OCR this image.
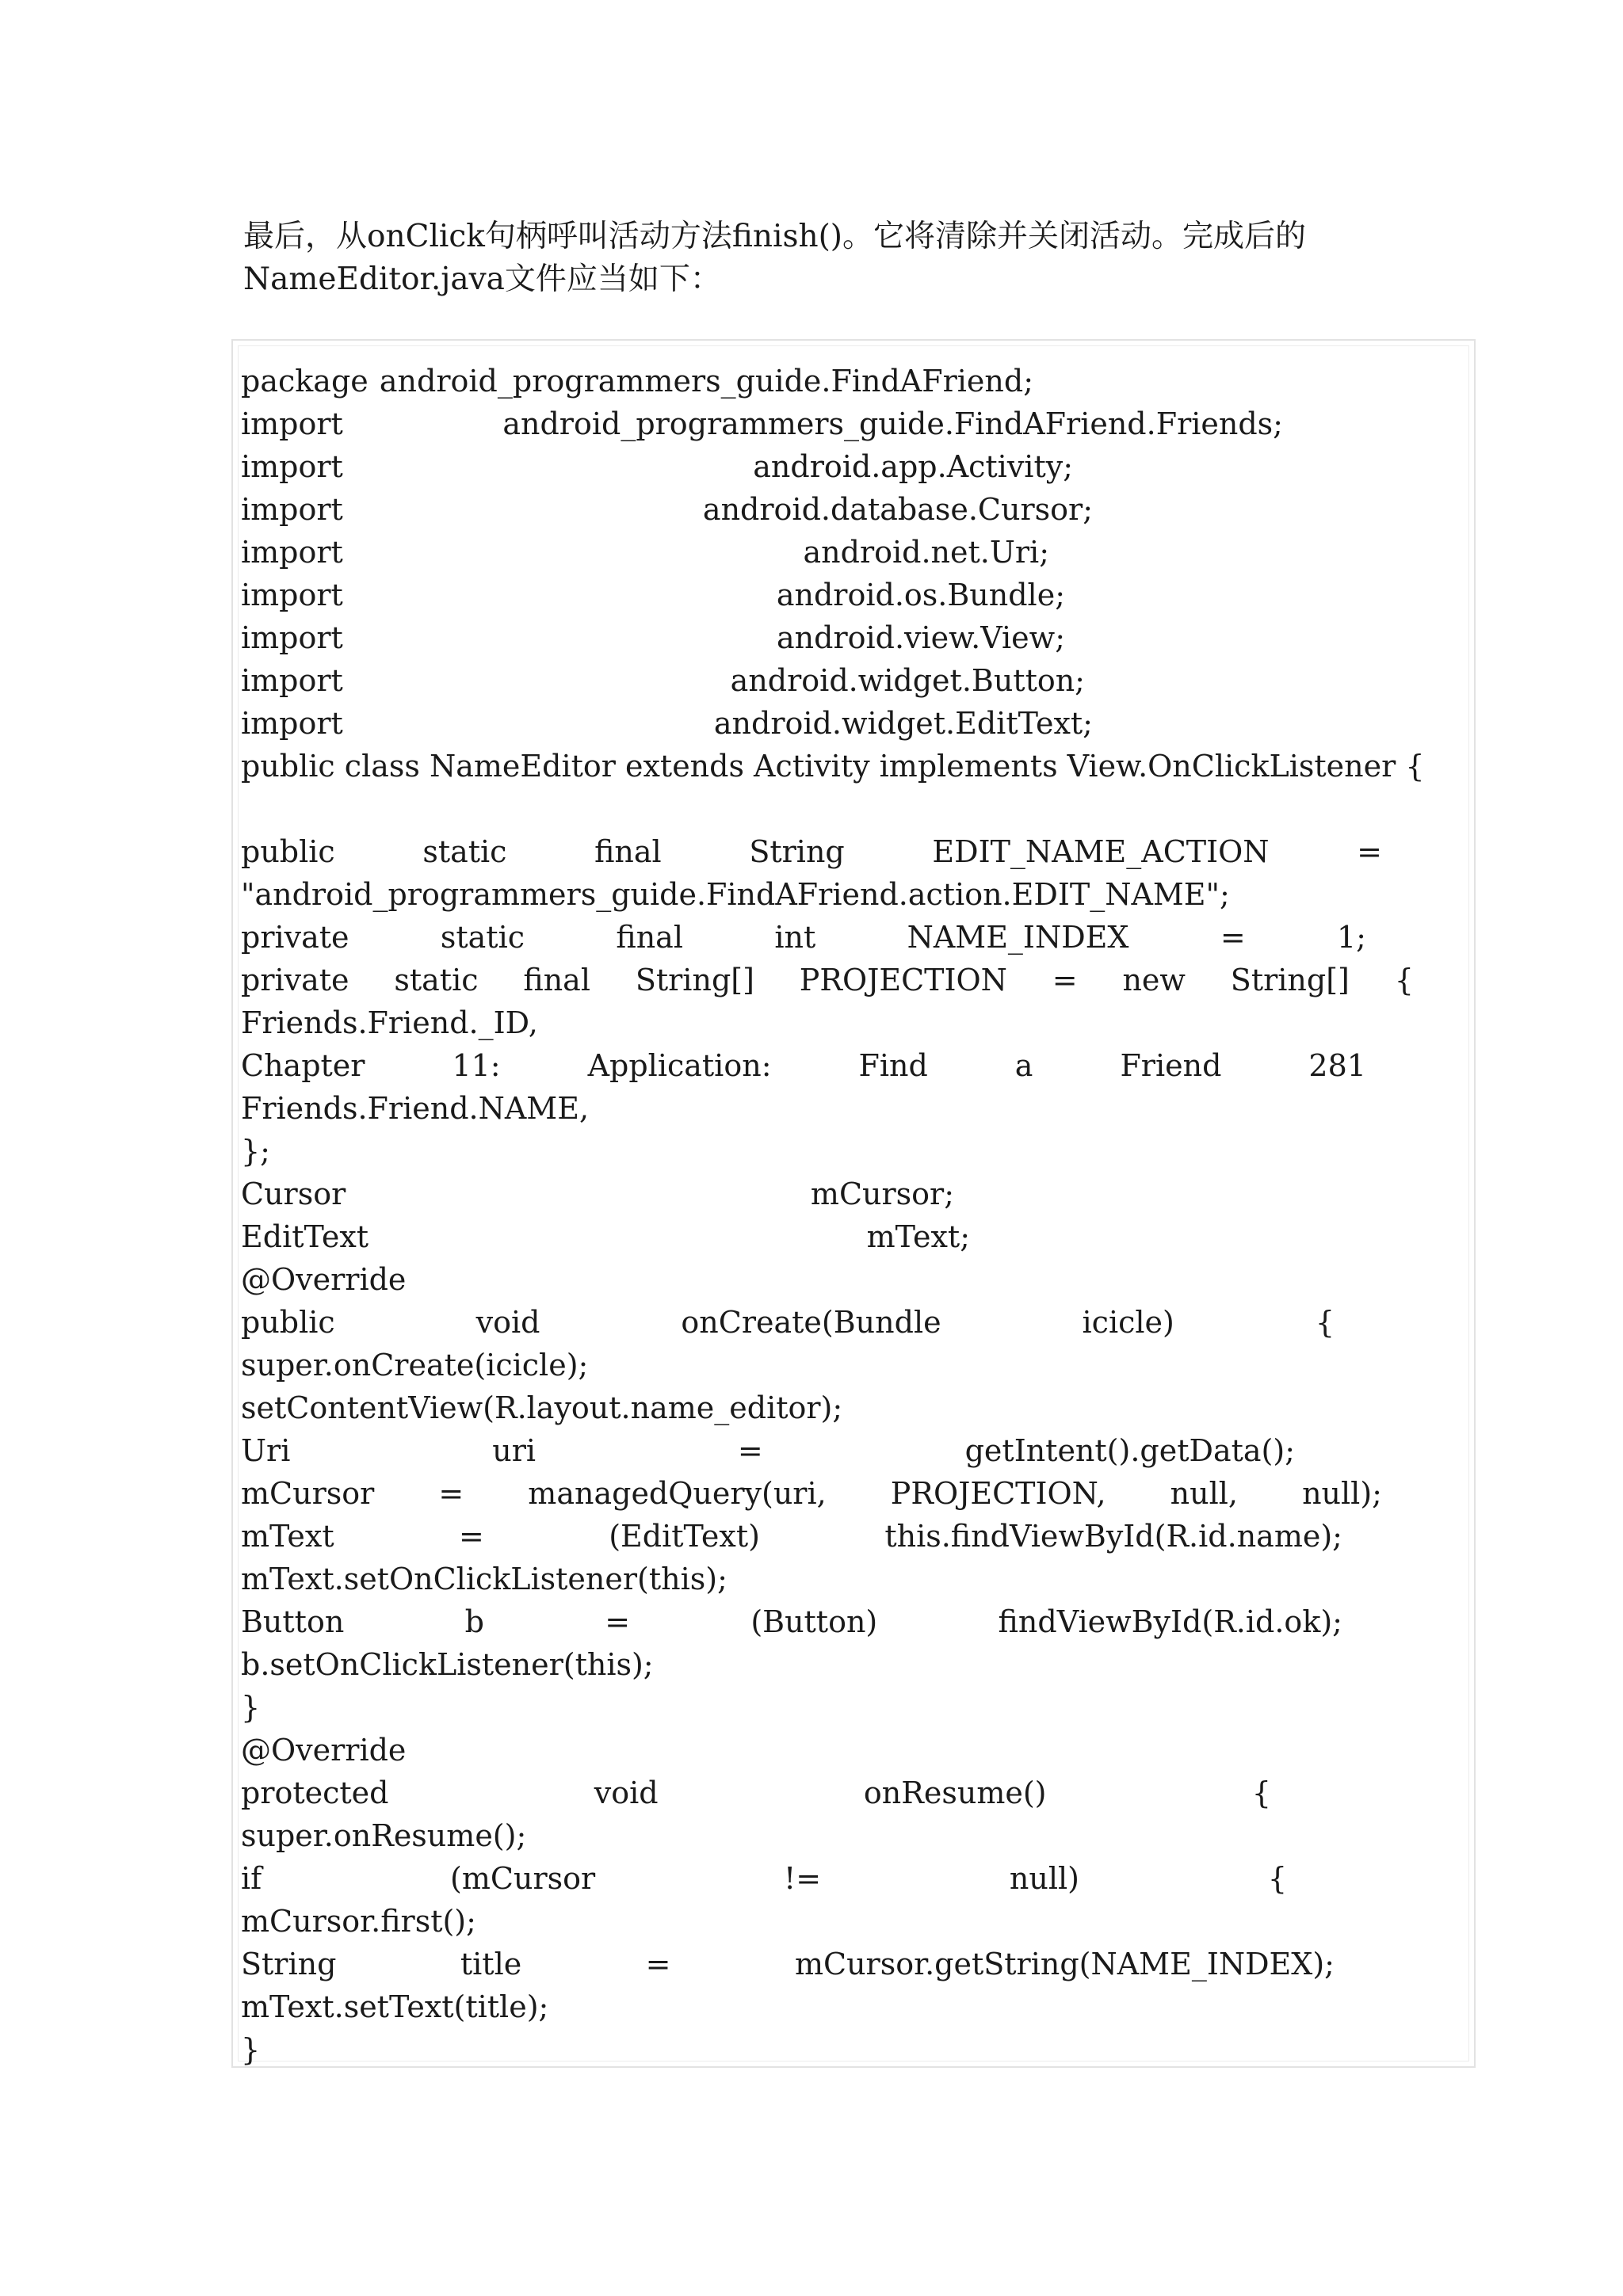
最后，从onClick句柄呼叫活动方法finish()。它将清除并关闭活动。完成后的

NameEditor.java文件应当如下：

package android_programmers_guide.FindAFriend;
import	android_programmers_guide.FindAFriend.Friends;
import	android.app.Activity;
import	android.database.Cursor;
import	android.net.Uri;
import	android.os.Bundle;
import	android.view.View;
import	android.widget.Button;
import	android.widget.EditText;
public class NameEditor extends Activity implements View.OnClickListener {
public	static	final	String	EDIT_NAME_ACTION	=
"android_programmers_guide.FindAFriend.action.EDIT_NAME";
private	static	final	int	NAME_INDEX	=	1;
private static final String[] PROJECTION = new String[] {
Friends.Friend._ID,
Chapter	11:	Application:	Find	a	Friend	281
Friends.Friend.NAME,
};
Cursor	mCursor;
EditText	mText;
@Override
public	void	onCreate(Bundle	icicle)	{
super.onCreate(icicle);
setContentView(R.layout.name_editor);
Uri	uri	=	getIntent().getData();
mCursor = managedQuery(uri, PROJECTION, null, null);
mText	=	(EditText)	this.findViewById(R.id.name);
mText.setOnClickListener(this);
Button	b	=	(Button)	findViewById(R.id.ok);
b.setOnClickListener(this);
}
@Override
protected	void	onResume()	{
super.onResume();
if	(mCursor	!=	null)	{
mCursor.first();
String	title	=	mCursor.getString(NAME_INDEX);
mText.setText(title);
}
